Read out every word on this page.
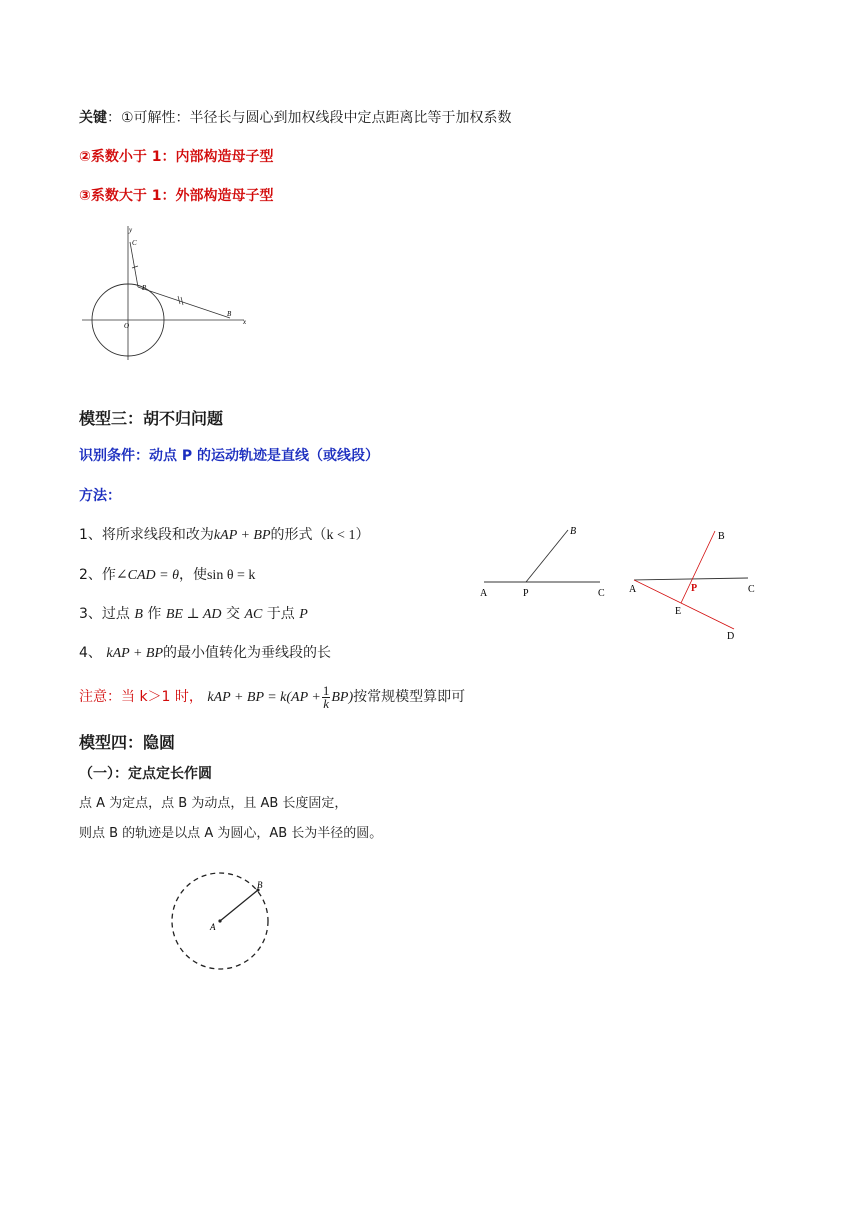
关键：①可解性：半径长与圆心到加权线段中定点距离比等于加权系数
②系数小于 1：内部构造母子型
③系数大于 1：外部构造母子型
y
C
P
B
O	x
模型三：胡不归问题
识别条件：动点 P 的运动轨迹是直线（或线段）
方法：
1、将所求线段和改为kAP + BP的形式（k < 1）
2、作∠CAD = θ，使sin θ = k
3、过点 B 作 BE ⊥ AD 交 AC 于点 P
4、 kAP + BP的最小值转化为垂线段的长
注意：当 k＞1 时， kAP + BP = $k(AP + \frac{1}{k} BP)$按常规模型算即可
A	P	C
B
A	P	C
B
E
D
模型四：隐圆
（一）：定点定长作圆
点 A 为定点，点 B 为动点，且 AB 长度固定，
则点 B 的轨迹是以点 A 为圆心，AB 长为半径的圆。
A
B
